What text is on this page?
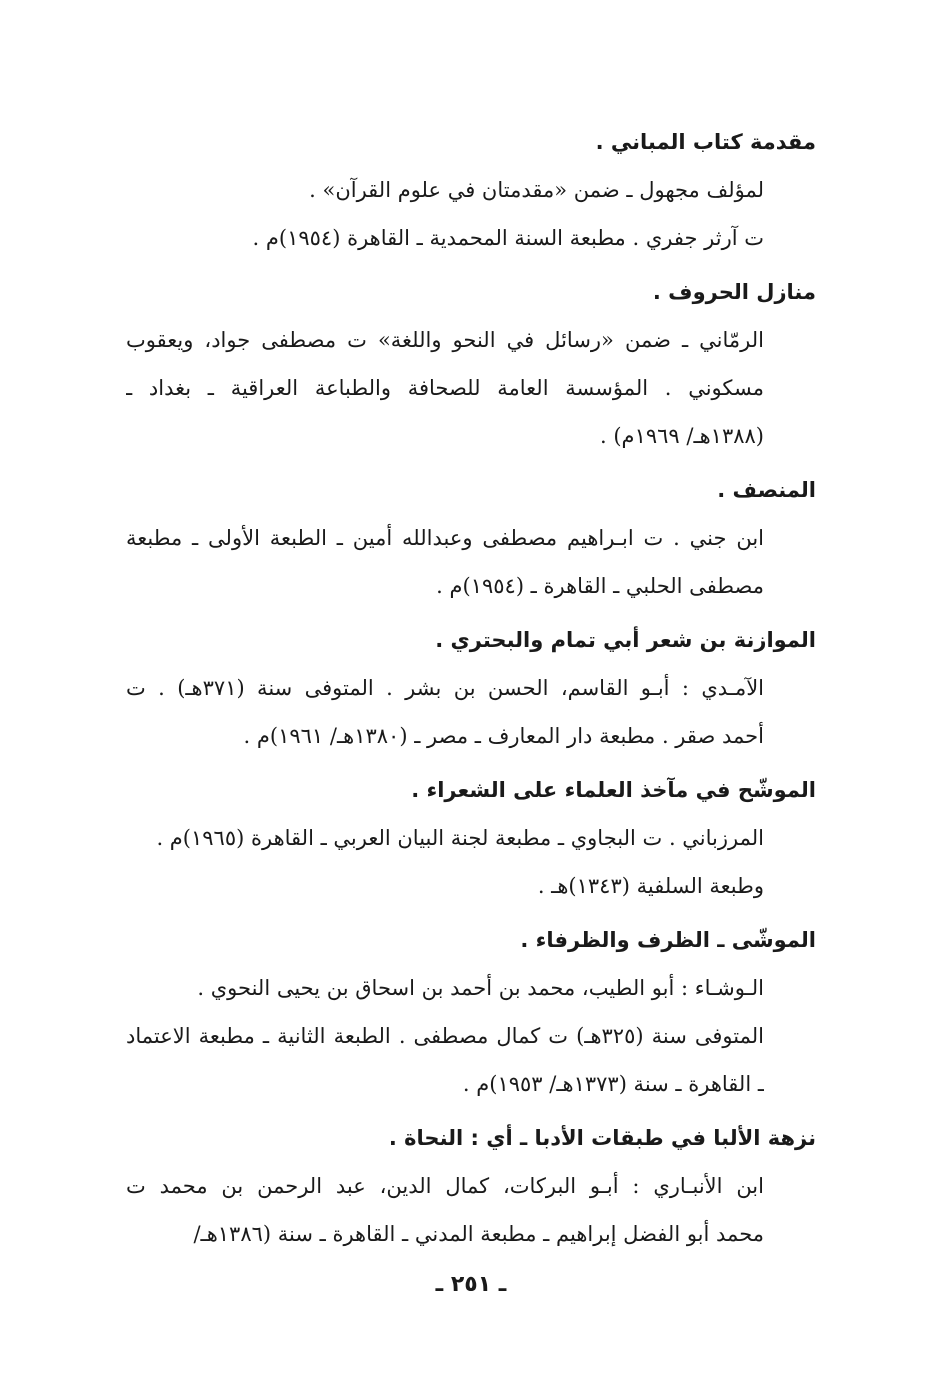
مقدمة كتاب المباني .

لمؤلف مجهول ـ ضمن «مقدمتان في علوم القرآن» .
ت آرثر جفري . مطبعة السنة المحمدية ـ القاهرة (١٩٥٤)م .

منازل الحروف .

الرمّاني ـ ضمن «رسائل في النحو واللغة» ت مصطفى جواد، ويعقوب
مسكوني . المؤسسة العامة للصحافة والطباعة العراقية ـ بغداد ـ
(١٣٨٨هـ/ ١٩٦٩م) .

المنصف .

ابن جني . ت ابـراهيم مصطفى وعبدالله أمين ـ الطبعة الأولى ـ مطبعة
مصطفى الحلبي ـ القاهرة ـ (١٩٥٤)م .

الموازنة بن شعر أبي تمام والبحتري .

الآمـدي : أبـو القاسم، الحسن بن بشر . المتوفى سنة (٣٧١هـ) . ت
أحمد صقر . مطبعة دار المعارف ـ مصر ـ (١٣٨٠هـ/ ١٩٦١)م .

الموشّح في مآخذ العلماء على الشعراء .

المرزباني . ت البجاوي ـ مطبعة لجنة البيان العربي ـ القاهرة (١٩٦٥)م .
وطبعة السلفية (١٣٤٣)هـ .

الموشّى ـ الظرف والظرفاء .

الـوشـاء : أبو الطيب، محمد بن أحمد بن اسحاق بن يحيى النحوي .
المتوفى سنة (٣٢٥هـ) ت كمال مصطفى . الطبعة الثانية ـ مطبعة الاعتماد
ـ القاهرة ـ سنة (١٣٧٣هـ/ ١٩٥٣)م .

نزهة الألبا في طبقات الأدبا ـ أي : النحاة .

ابن الأنبـاري : أبـو البركات، كمال الدين، عبد الرحمن بن محمد ت
محمد أبو الفضل إبراهيم ـ مطبعة المدني ـ القاهرة ـ سنة (١٣٨٦هـ/
ـ ٢٥١ ـ
